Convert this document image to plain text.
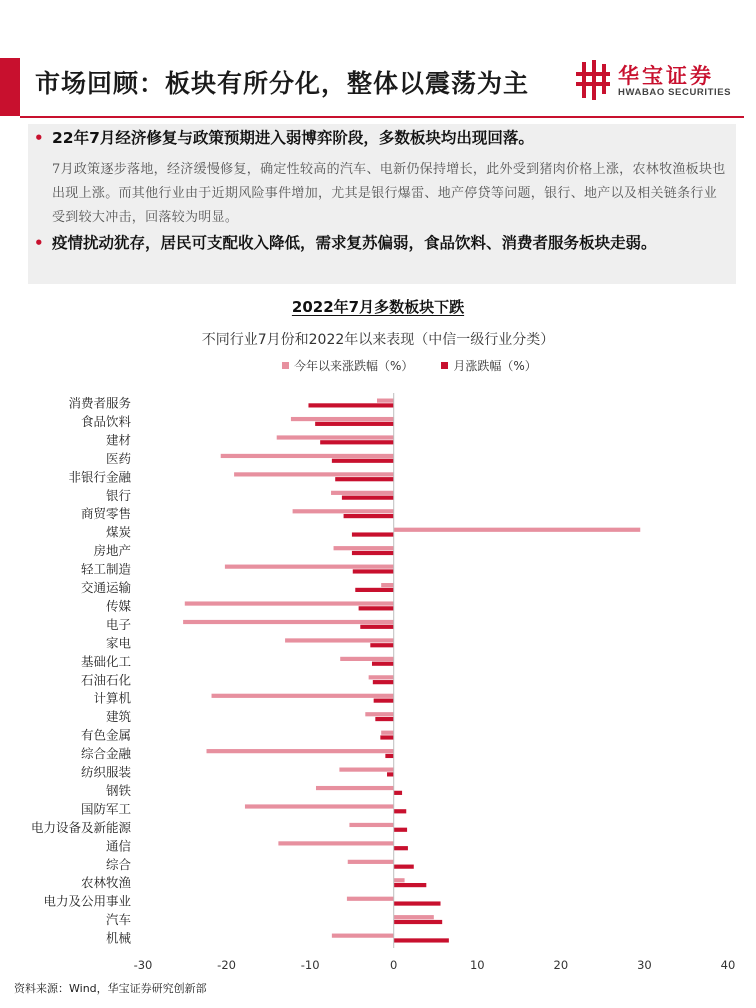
市场回顾：板块有所分化，整体以震荡为主	华宝证券
HWABAO SECURITIES
• 22年7月经济修复与政策预期进入弱博弈阶段，多数板块均出现回落。
7月政策逐步落地，经济缓慢修复，确定性较高的汽车、电新仍保持增长，此外受到猪肉价格上涨，农林牧渔板块也出现上涨。而其他行业由于近期风险事件增加，尤其是银行爆雷、地产停贷等问题，银行、地产以及相关链条行业受到较大冲击，回落较为明显。
• 疫情扰动犹存，居民可支配收入降低，需求复苏偏弱，食品饮料、消费者服务板块走弱。
2022年7月多数板块下跌
不同行业7月份和2022年以来表现（中信一级行业分类）
今年以来涨跌幅（%）	月涨跌幅（%）
消费者服务
食品饮料
建材
医药
非银行金融
银行
商贸零售
煤炭
房地产
轻工制造
交通运输
传媒
电子
家电
基础化工
石油石化
计算机
建筑
有色金属
综合金融
纺织服装
钢铁
国防军工
电力设备及新能源
通信
综合
农林牧渔
电力及公用事业
汽车
机械
-30	-20	-10	0	10	20	30	40
资料来源：Wind，华宝证券研究创新部
